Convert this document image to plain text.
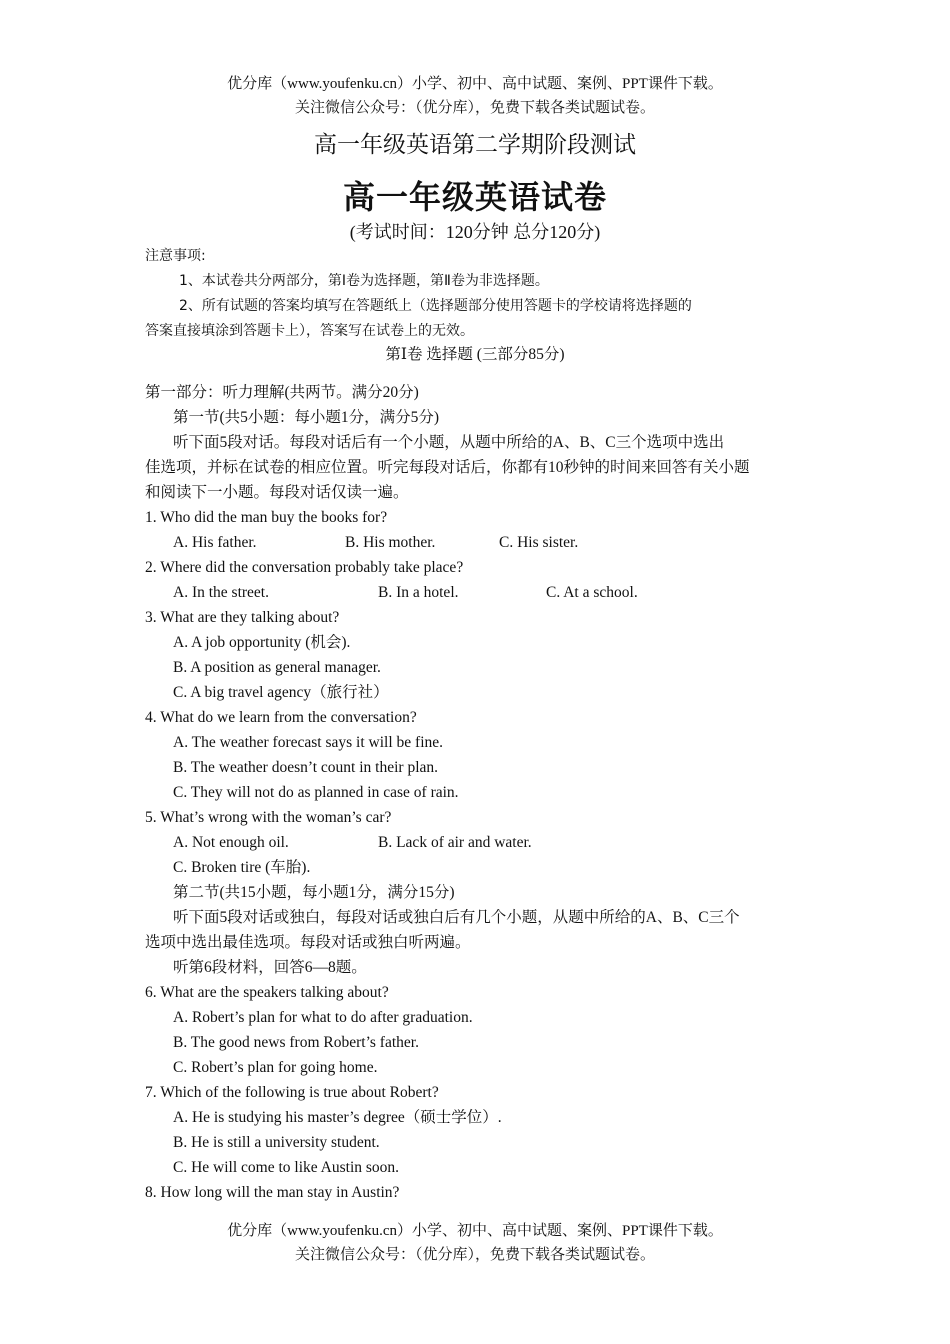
优分库（www.youfenku.cn）小学、初中、高中试题、案例、PPT课件下载。
关注微信公众号：（优分库），免费下载各类试题试卷。
高一年级英语第二学期阶段测试
高一年级英语试卷
(考试时间：120分钟 总分120分)
注意事项:
1、本试卷共分两部分，第Ⅰ卷为选择题，第Ⅱ卷为非选择题。
2、所有试题的答案均填写在答题纸上（选择题部分使用答题卡的学校请将选择题的
答案直接填涂到答题卡上），答案写在试卷上的无效。
第Ⅰ卷 选择题 (三部分85分)
第一部分：听力理解(共两节。满分20分)
第一节(共5小题：每小题1分，满分5分)
听下面5段对话。每段对话后有一个小题，从题中所给的A、B、C三个选项中选出
佳选项，并标在试卷的相应位置。听完每段对话后，你都有10秒钟的时间来回答有关小题
和阅读下一小题。每段对话仅读一遍。
1. Who did the man buy the books for?
A. His father.	B. His mother.	C. His sister.
2. Where did the conversation probably take place?
A. In the street.	B. In a hotel.	C. At a school.
3. What are they talking about?
A. A job opportunity (机会).
B. A position as general manager.
C. A big travel agency（旅行社）
4. What do we learn from the conversation?
A. The weather forecast says it will be fine.
B. The weather doesn’t count in their plan.
C. They will not do as planned in case of rain.
5. What’s wrong with the woman’s car?
A. Not enough oil.	B. Lack of air and water.
C. Broken tire (车胎).
第二节(共15小题，每小题1分，满分15分)
听下面5段对话或独白，每段对话或独白后有几个小题，从题中所给的A、B、C三个
选项中选出最佳选项。每段对话或独白听两遍。
听第6段材料，回答6—8题。
6. What are the speakers talking about?
A. Robert’s plan for what to do after graduation.
B. The good news from Robert’s father.
C. Robert’s plan for going home.
7. Which of the following is true about Robert?
A. He is studying his master’s degree（硕士学位）.
B. He is still a university student.
C. He will come to like Austin soon.
8. How long will the man stay in Austin?
优分库（www.youfenku.cn）小学、初中、高中试题、案例、PPT课件下载。
关注微信公众号：（优分库），免费下载各类试题试卷。
